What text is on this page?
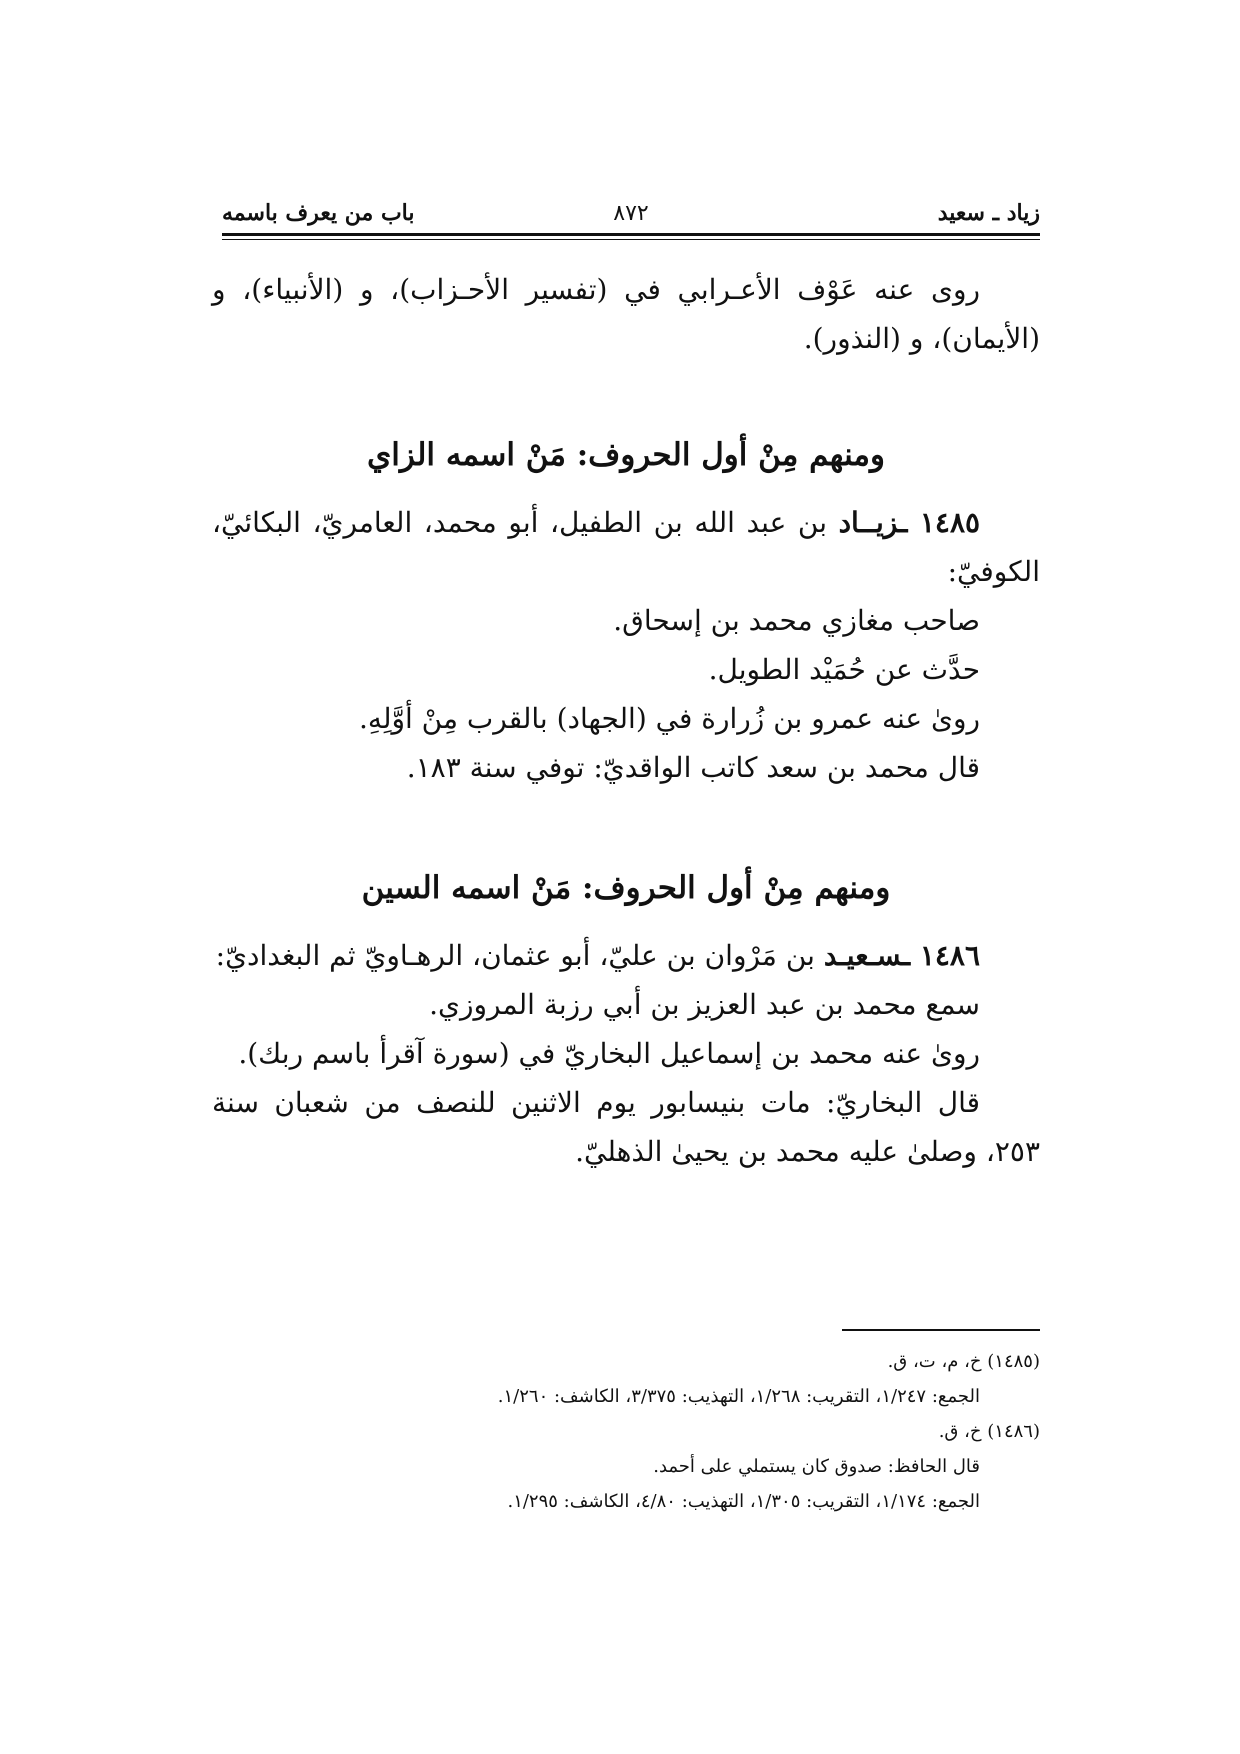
زياد ـ سعيد
٨٧٢
باب من يعرف باسمه

روى عنه عَوْف الأعـرابي في (تفسير الأحـزاب)، و (الأنبياء)، و (الأيمان)، و (النذور).

ومنهم مِنْ أول الحروف: مَنْ اسمه الزاي

١٤٨٥ ـزيــاد بن عبد الله بن الطفيل، أبو محمد، العامريّ، البكائيّ، الكوفيّ:

صاحب مغازي محمد بن إسحاق.

حدَّث عن حُمَيْد الطويل.

روىٰ عنه عمرو بن زُرارة في (الجهاد) بالقرب مِنْ أوَّلِهِ.

قال محمد بن سعد كاتب الواقديّ: توفي سنة ١٨٣.

ومنهم مِنْ أول الحروف: مَنْ اسمه السين

١٤٨٦ ـسـعيـد بن مَرْوان بن عليّ، أبو عثمان، الرهـاويّ ثم البغداديّ:

سمع محمد بن عبد العزيز بن أبي رزبة المروزي.

روىٰ عنه محمد بن إسماعيل البخاريّ في (سورة آقرأ باسم ربك).

قال البخاريّ: مات بنيسابور يوم الاثنين للنصف من شعبان سنة ٢٥٣، وصلىٰ عليه محمد بن يحيىٰ الذهليّ.

(١٤٨٥) خ، م، ت، ق.

الجمع: ١/٢٤٧، التقريب: ١/٢٦٨، التهذيب: ٣/٣٧٥، الكاشف: ١/٢٦٠.

(١٤٨٦) خ، ق.

قال الحافظ: صدوق كان يستملي على أحمد.

الجمع: ١/١٧٤، التقريب: ١/٣٠٥، التهذيب: ٤/٨٠، الكاشف: ١/٢٩٥.
